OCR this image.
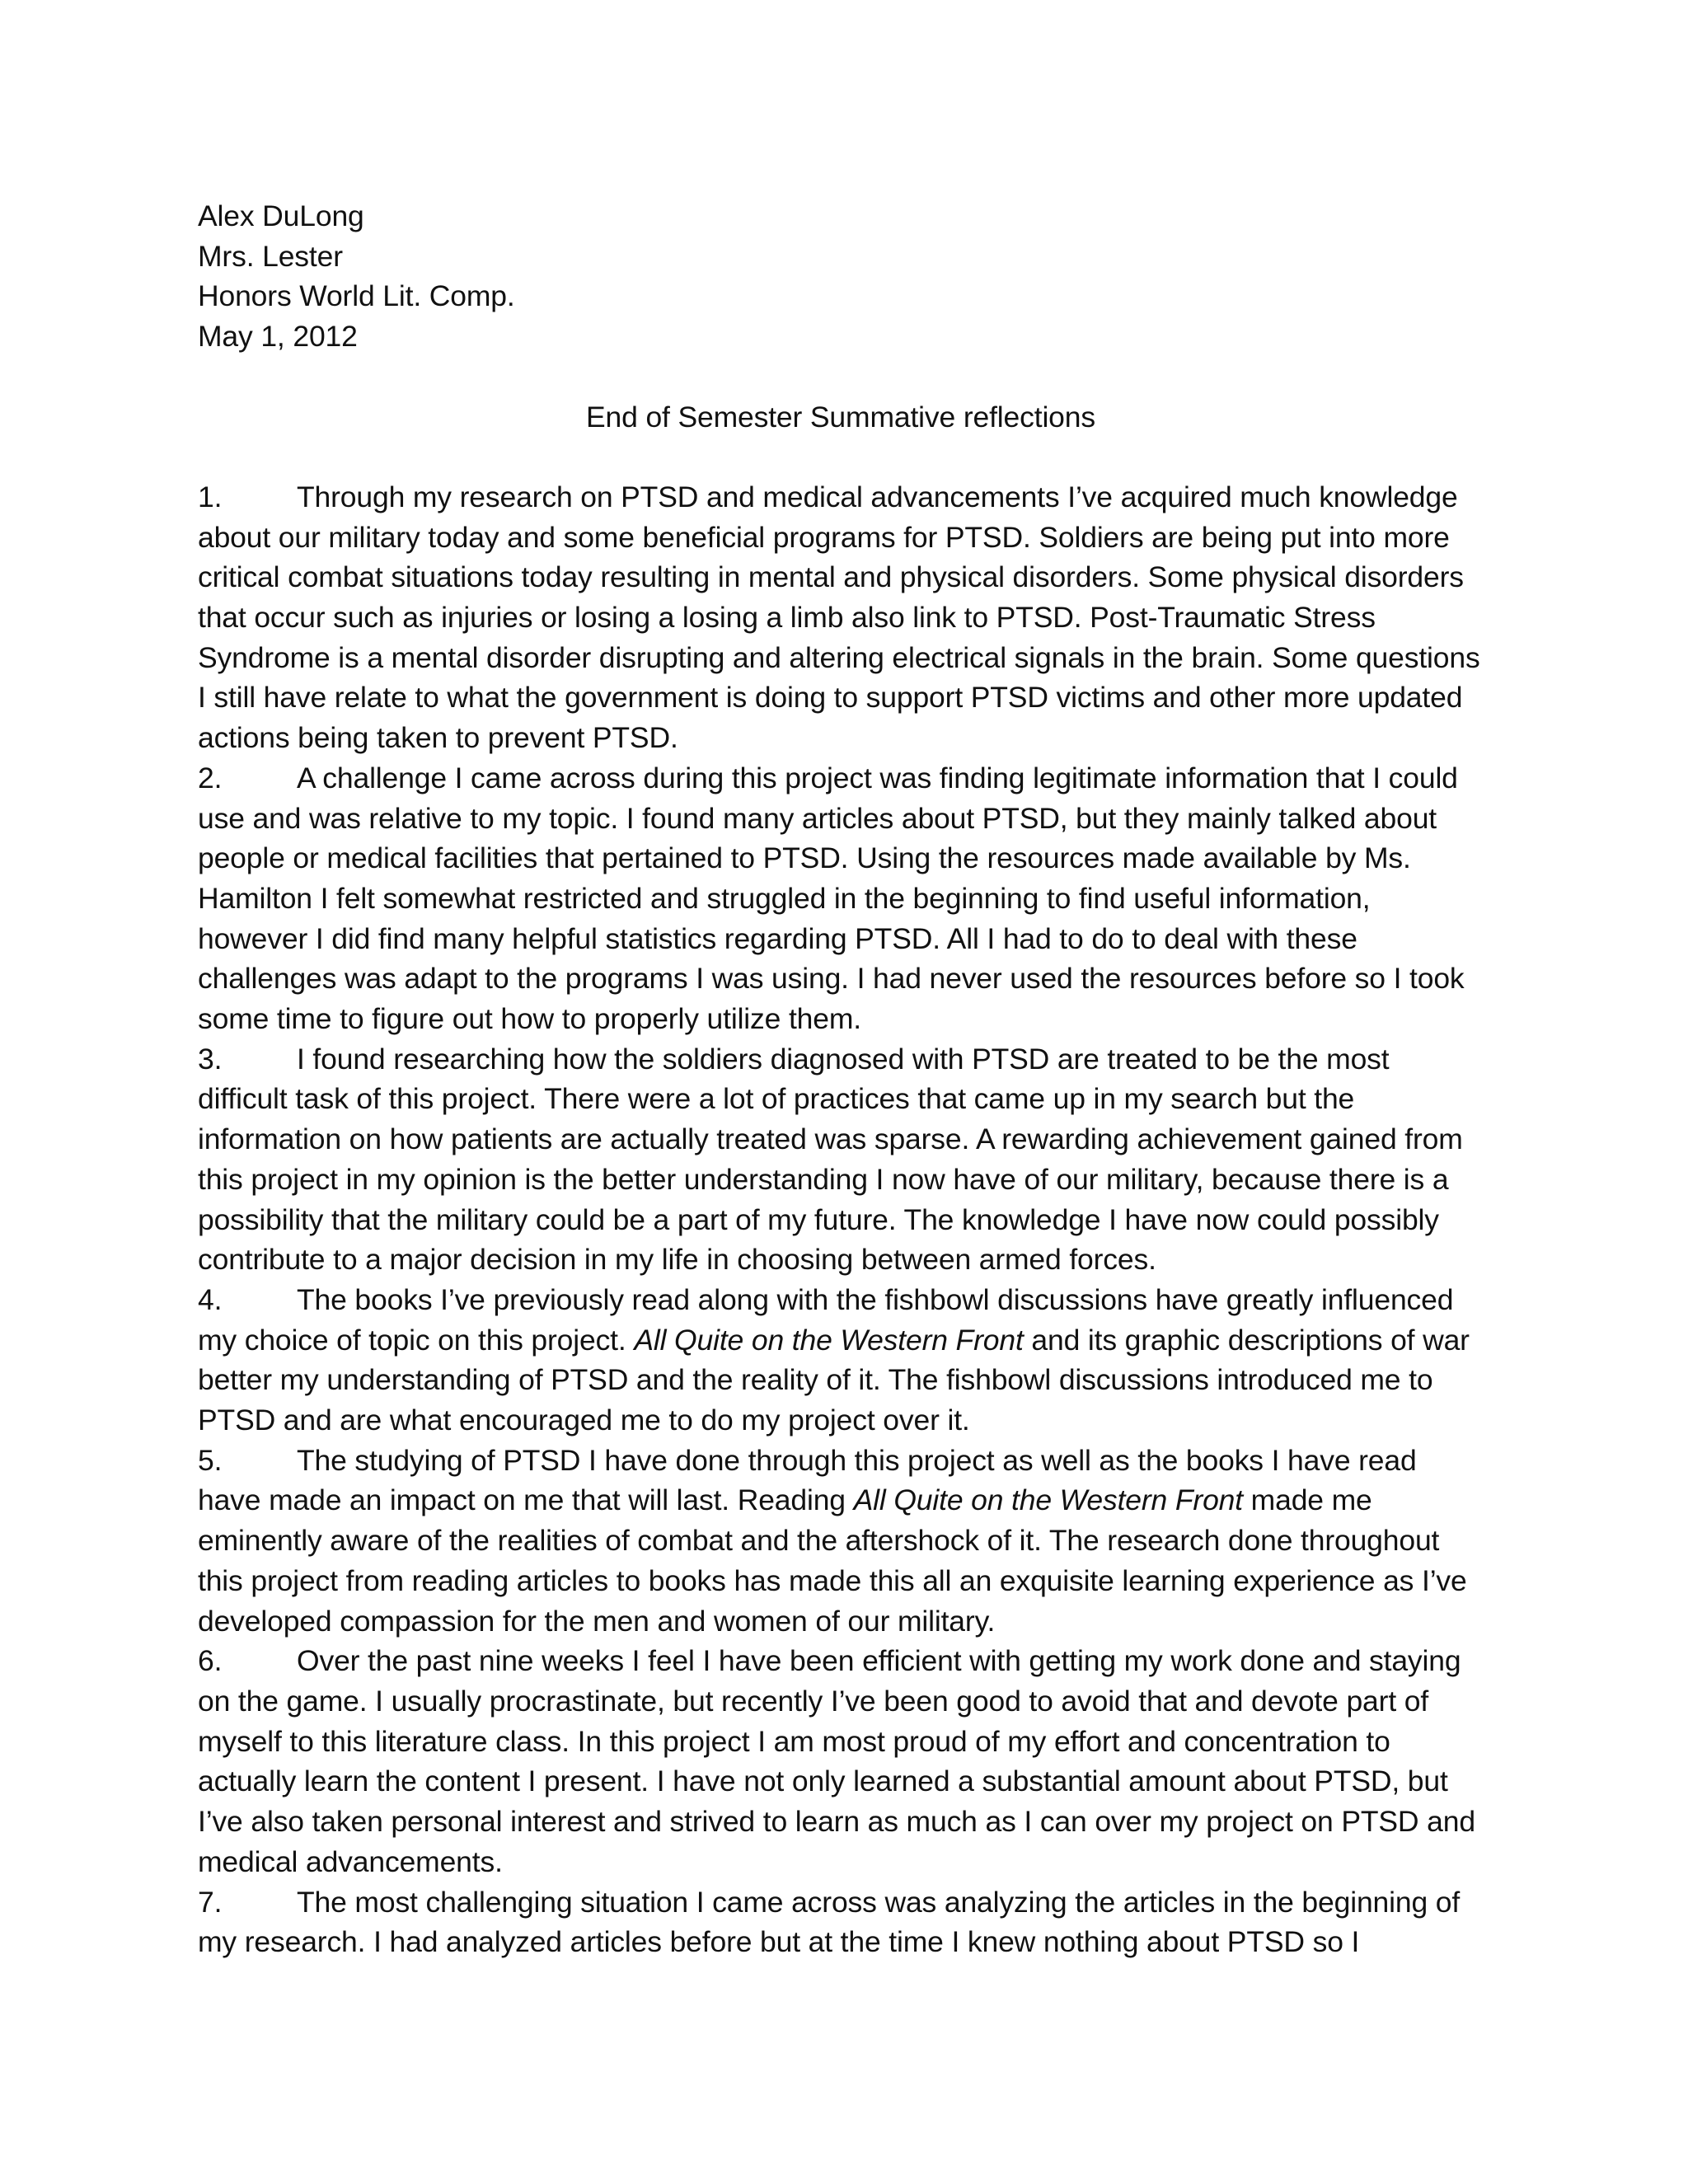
Alex DuLong
Mrs. Lester
Honors World Lit. Comp.
May 1, 2012
End of Semester Summative reflections

1.	Through my research on PTSD and medical advancements I’ve acquired much knowledge about our military today and some beneficial programs for PTSD. Soldiers are being put into more critical combat situations today resulting in mental and physical disorders. Some physical disorders that occur such as injuries or losing a losing a limb also link to PTSD. Post-Traumatic Stress Syndrome is a mental disorder disrupting and altering electrical signals in the brain. Some questions I still have relate to what the government is doing to support PTSD victims and other more updated actions being taken to prevent PTSD.

2.	A challenge I came across during this project was finding legitimate information that I could use and was relative to my topic. I found many articles about PTSD, but they mainly talked about people or medical facilities that pertained to PTSD. Using the resources made available by Ms. Hamilton I felt somewhat restricted and struggled in the beginning to find useful information, however I did find many helpful statistics regarding PTSD. All I had to do to deal with these challenges was adapt to the programs I was using. I had never used the resources before so I took some time to figure out how to properly utilize them.

3.	I found researching how the soldiers diagnosed with PTSD are treated to be the most difficult task of this project. There were a lot of practices that came up in my search but the information on how patients are actually treated was sparse. A rewarding achievement gained from this project in my opinion is the better understanding I now have of our military, because there is a possibility that the military could be a part of my future. The knowledge I have now could possibly contribute to a major decision in my life in choosing between armed forces.

4.	The books I’ve previously read along with the fishbowl discussions have greatly influenced my choice of topic on this project. All Quite on the Western Front and its graphic descriptions of war better my understanding of PTSD and the reality of it. The fishbowl discussions introduced me to PTSD and are what encouraged me to do my project over it.

5.	The studying of PTSD I have done through this project as well as the books I have read have made an impact on me that will last. Reading All Quite on the Western Front made me eminently aware of the realities of combat and the aftershock of it. The research done throughout this project from reading articles to books has made this all an exquisite learning experience as I’ve developed compassion for the men and women of our military.

6.	Over the past nine weeks I feel I have been efficient with getting my work done and staying on the game. I usually procrastinate, but recently I’ve been good to avoid that and devote part of myself to this literature class. In this project I am most proud of my effort and concentration to actually learn the content I present. I have not only learned a substantial amount about PTSD, but I’ve also taken personal interest and strived to learn as much as I can over my project on PTSD and medical advancements.

7.	The most challenging situation I came across was analyzing the articles in the beginning of my research. I had analyzed articles before but at the time I knew nothing about PTSD so I
